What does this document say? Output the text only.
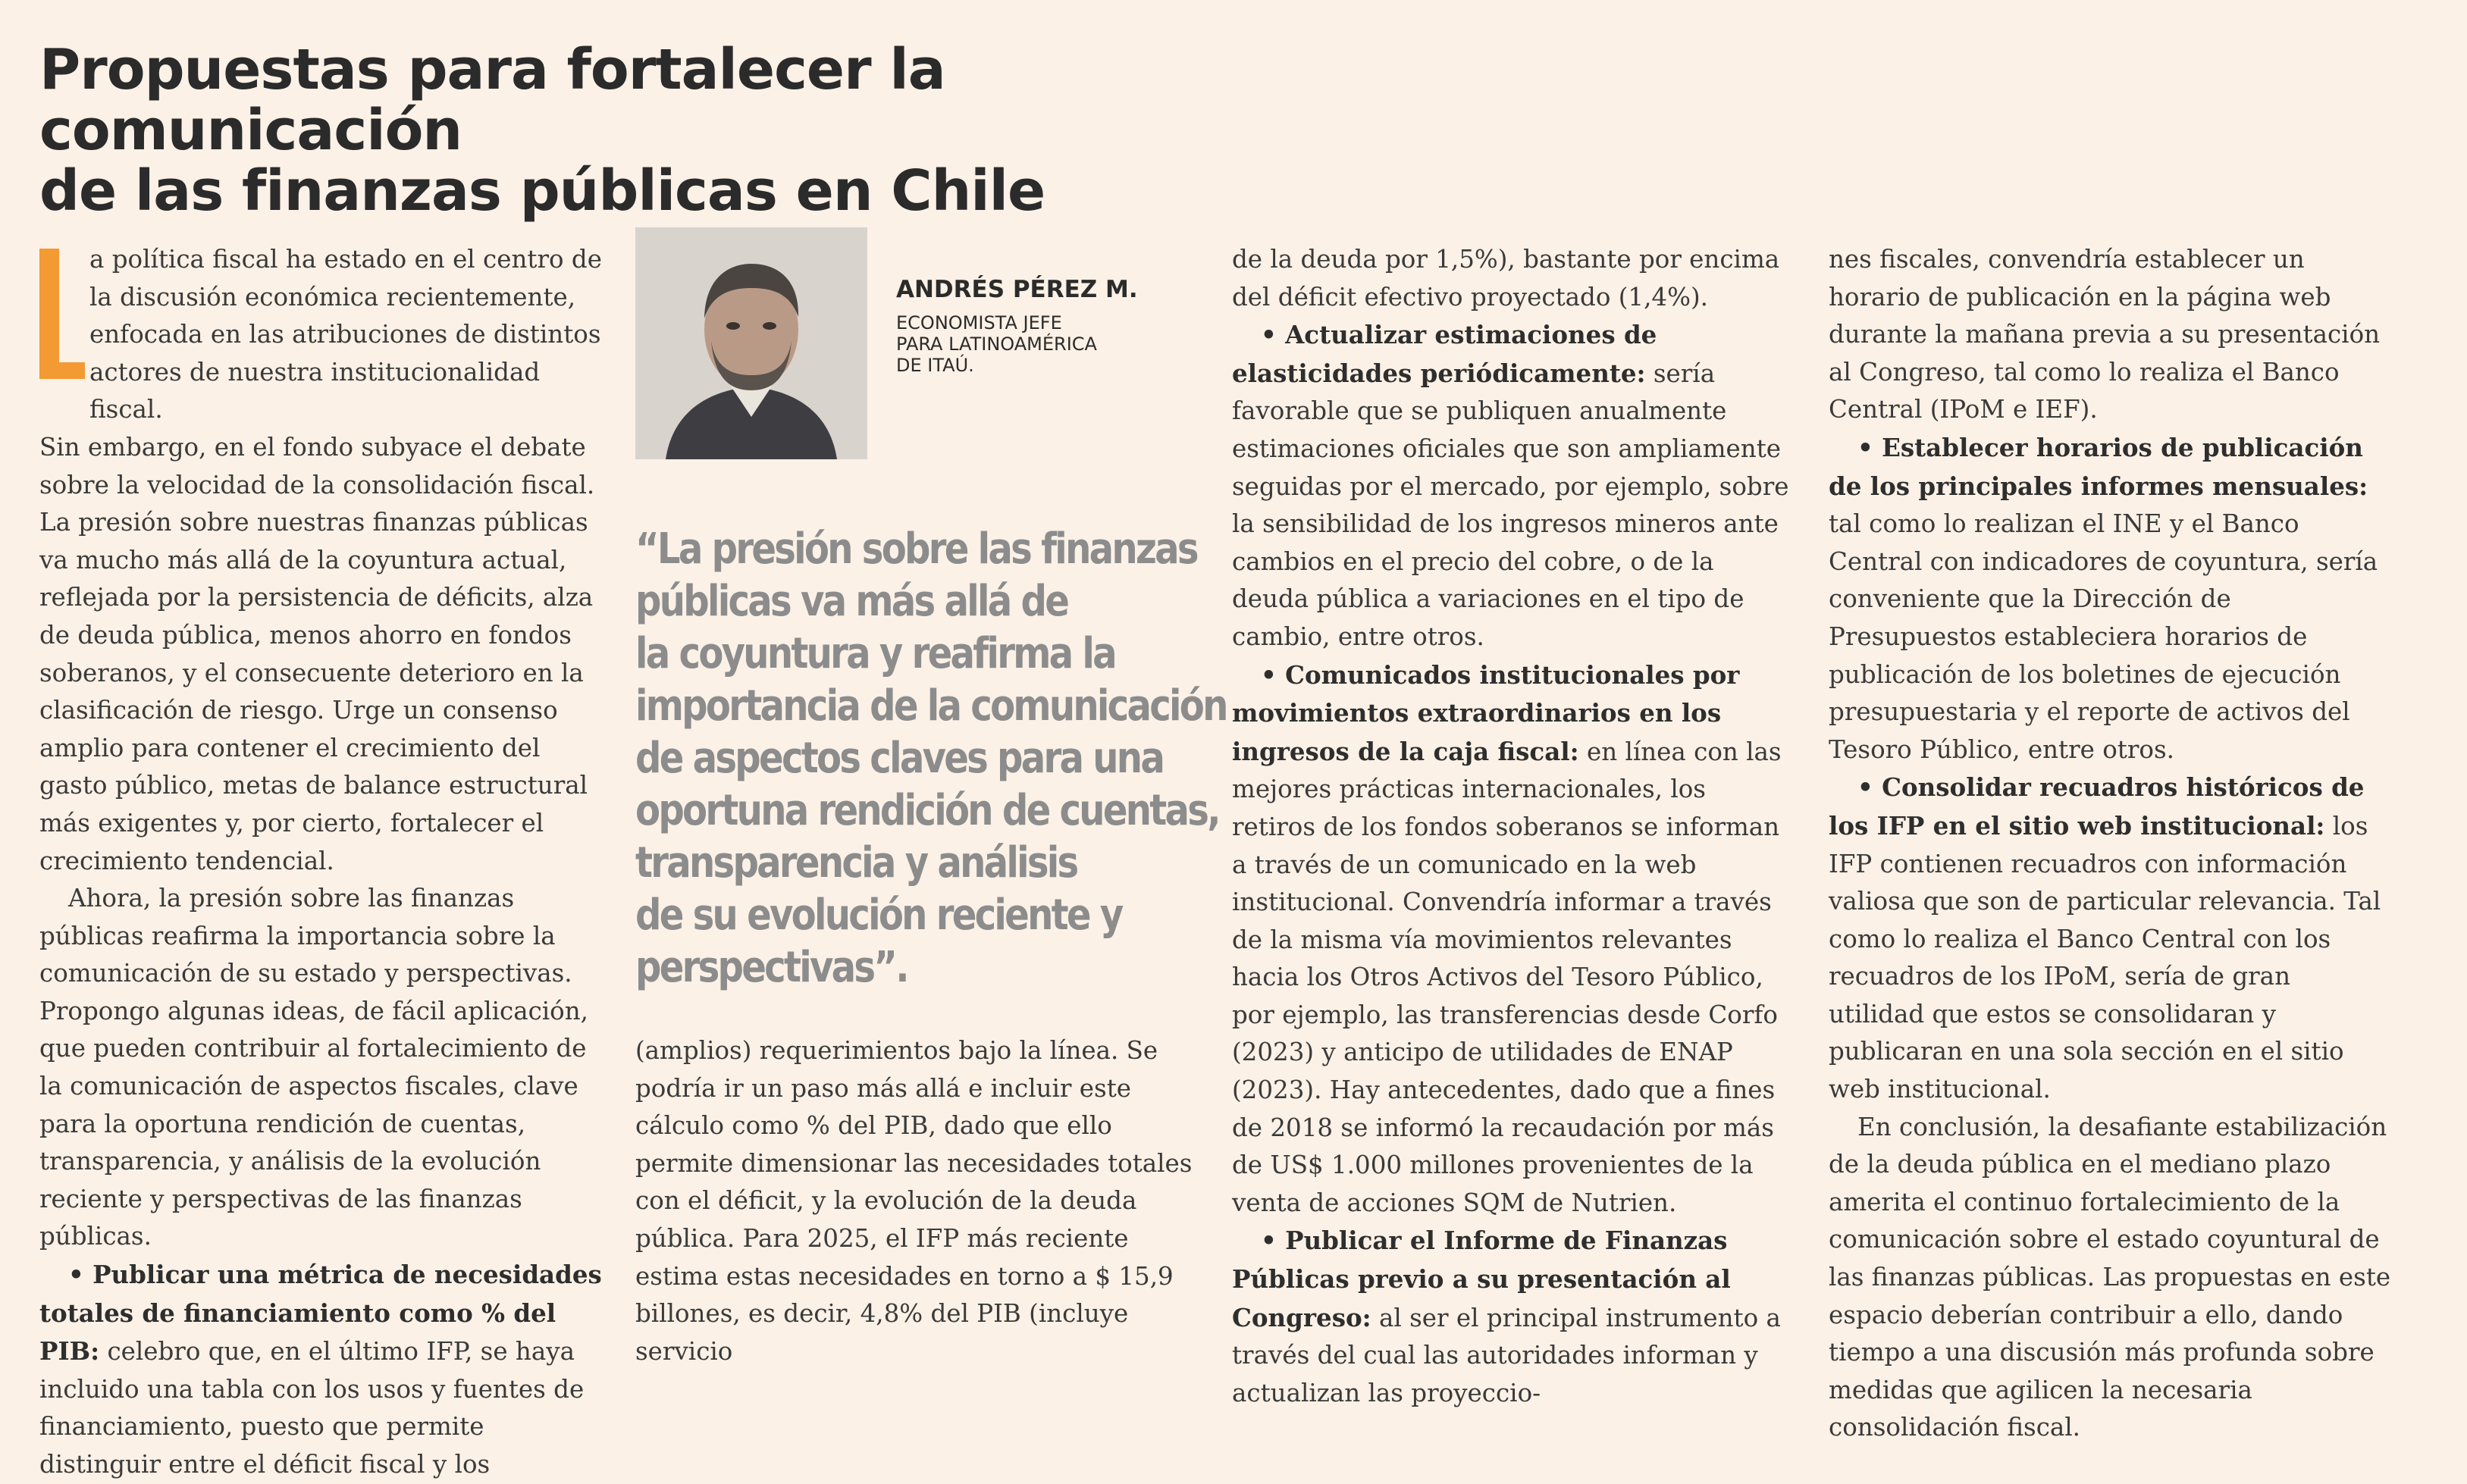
Propuestas para fortalecer la comunicación
de las finanzas públicas en Chile

a política fiscal ha estado en el centro de la discusión económica recientemente, enfocada en las atribuciones de distintos actores de nuestra institucionalidad fiscal.

Sin embargo, en el fondo subyace el debate sobre la velocidad de la consolidación fiscal. La presión sobre nuestras finanzas públicas va mucho más allá de la coyuntura actual, reflejada por la persistencia de déficits, alza de deuda pública, menos ahorro en fondos soberanos, y el consecuente deterioro en la clasificación de riesgo. Urge un consenso amplio para contener el crecimiento del gasto público, metas de balance estructural más exigentes y, por cierto, fortalecer el crecimiento tendencial.

Ahora, la presión sobre las finanzas públicas reafirma la importancia sobre la comunicación de su estado y perspectivas. Propongo algunas ideas, de fácil aplicación, que pueden contribuir al fortalecimiento de la comunicación de aspectos fiscales, clave para la oportuna rendición de cuentas, transparencia, y análisis de la evolución reciente y perspectivas de las finanzas públicas.

• Publicar una métrica de necesidades totales de financiamiento como % del PIB: celebro que, en el último IFP, se haya incluido una tabla con los usos y fuentes de financiamiento, puesto que permite distinguir entre el déficit fiscal y los

ANDRÉS PÉREZ M.
ECONOMISTA JEFE
PARA LATINOAMÉRICA
DE ITAÚ.
“La presión sobre las finanzas
públicas va más allá de
la coyuntura y reafirma la
importancia de la comunicación
de aspectos claves para una
oportuna rendición de cuentas,
transparencia y análisis
de su evolución reciente y
perspectivas”.

(amplios) requerimientos bajo la línea. Se podría ir un paso más allá e incluir este cálculo como % del PIB, dado que ello permite dimensionar las necesidades totales con el déficit, y la evolución de la deuda pública. Para 2025, el IFP más reciente estima estas necesidades en torno a $ 15,9 billones, es decir, 4,8% del PIB (incluye servicio

de la deuda por 1,5%), bastante por encima del déficit efectivo proyectado (1,4%).

• Actualizar estimaciones de elasticidades periódicamente: sería favorable que se publiquen anualmente estimaciones oficiales que son ampliamente seguidas por el mercado, por ejemplo, sobre la sensibilidad de los ingresos mineros ante cambios en el precio del cobre, o de la deuda pública a variaciones en el tipo de cambio, entre otros.

• Comunicados institucionales por movimientos extraordinarios en los ingresos de la caja fiscal: en línea con las mejores prácticas internacionales, los retiros de los fondos soberanos se informan a través de un comunicado en la web institucional. Convendría informar a través de la misma vía movimientos relevantes hacia los Otros Activos del Tesoro Público, por ejemplo, las transferencias desde Corfo (2023) y anticipo de utilidades de ENAP (2023). Hay antecedentes, dado que a fines de 2018 se informó la recaudación por más de US$ 1.000 millones provenientes de la venta de acciones SQM de Nutrien.

• Publicar el Informe de Finanzas Públicas previo a su presentación al Congreso: al ser el principal instrumento a través del cual las autoridades informan y actualizan las proyeccio-

nes fiscales, convendría establecer un horario de publicación en la página web durante la mañana previa a su presentación al Congreso, tal como lo realiza el Banco Central (IPoM e IEF).

• Establecer horarios de publicación de los principales informes mensuales: tal como lo realizan el INE y el Banco Central con indicadores de coyuntura, sería conveniente que la Dirección de Presupuestos estableciera horarios de publicación de los boletines de ejecución presupuestaria y el reporte de activos del Tesoro Público, entre otros.

• Consolidar recuadros históricos de los IFP en el sitio web institucional: los IFP contienen recuadros con información valiosa que son de particular relevancia. Tal como lo realiza el Banco Central con los recuadros de los IPoM, sería de gran utilidad que estos se consolidaran y publicaran en una sola sección en el sitio web institucional.

En conclusión, la desafiante estabilización de la deuda pública en el mediano plazo amerita el continuo fortalecimiento de la comunicación sobre el estado coyuntural de las finanzas públicas. Las propuestas en este espacio deberían contribuir a ello, dando tiempo a una discusión más profunda sobre medidas que agilicen la necesaria consolidación fiscal.
